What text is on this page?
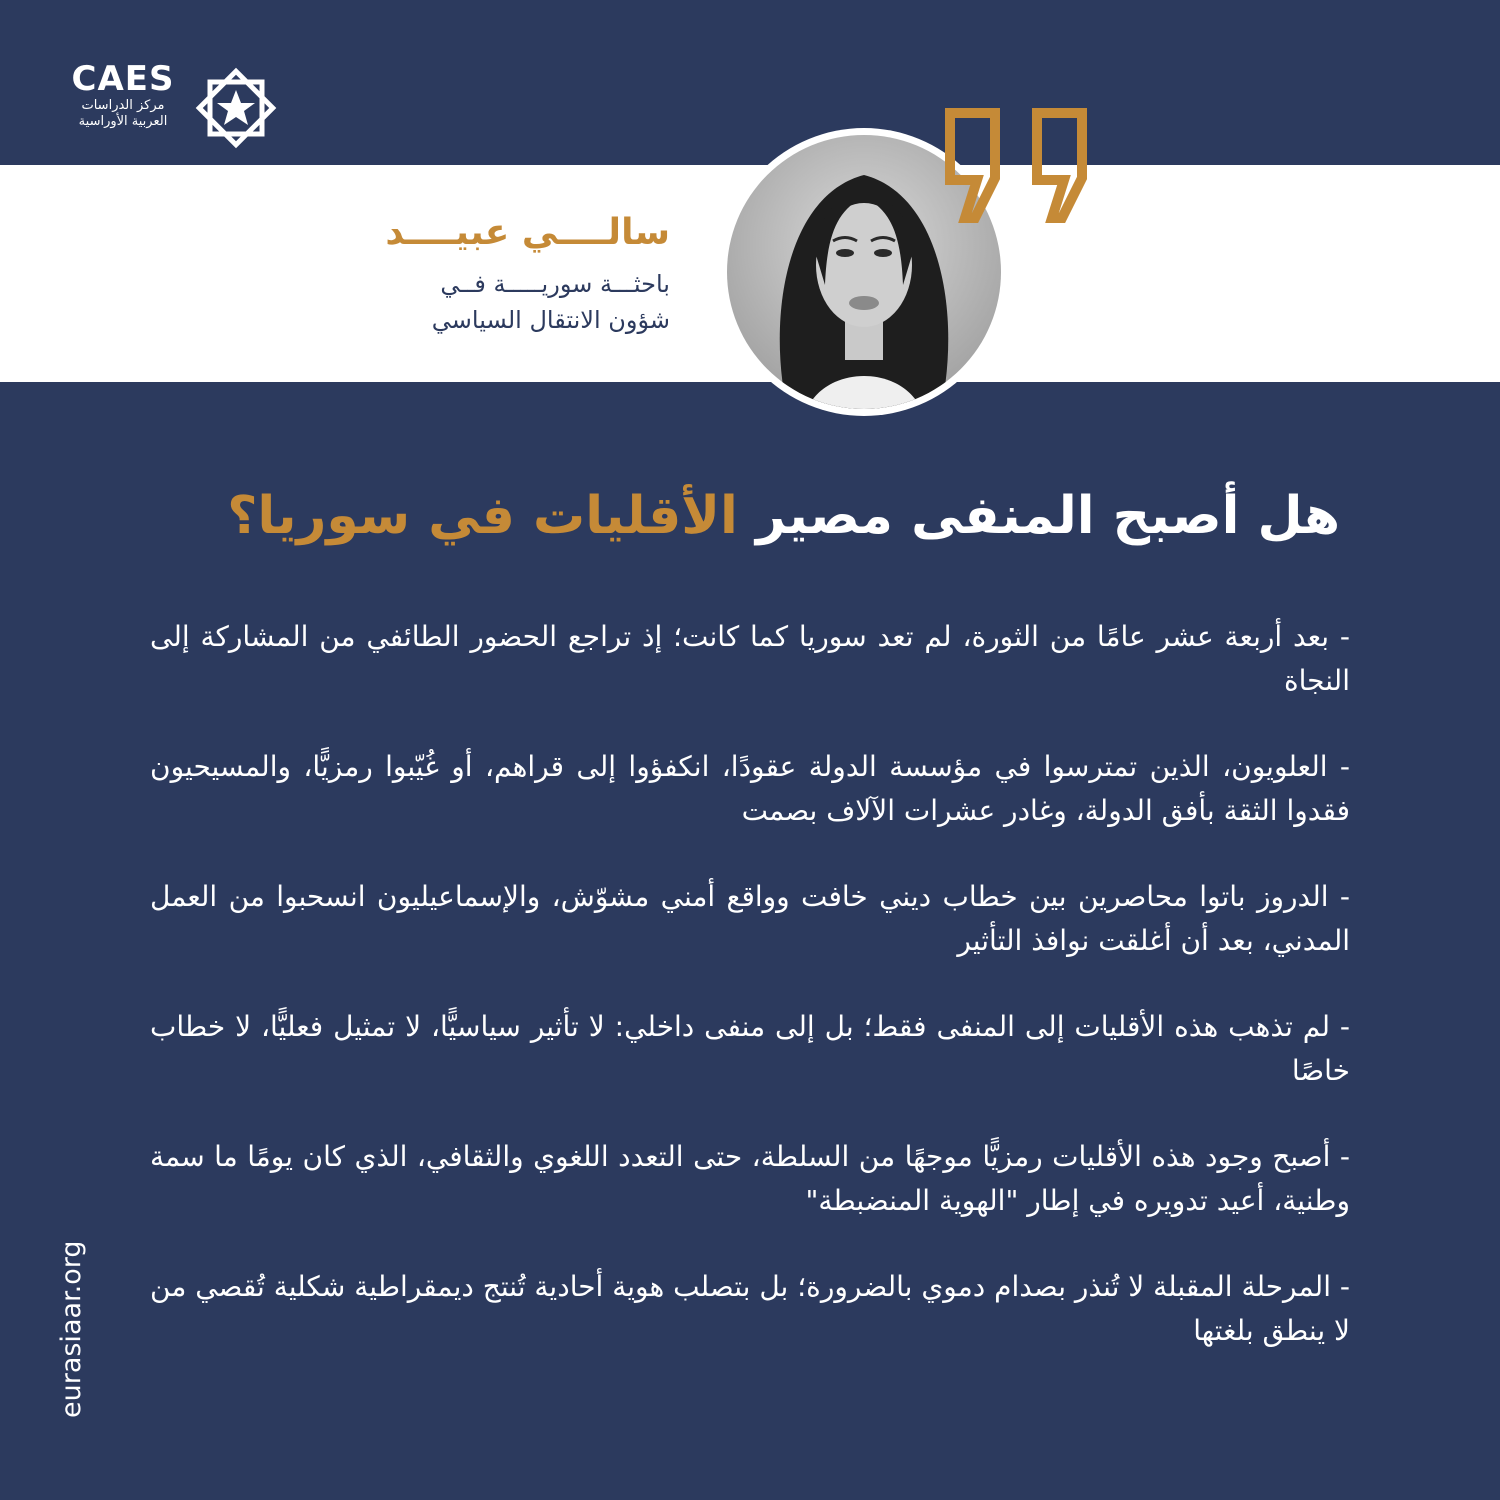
CAES
مركز الدراسات
العربية الأوراسية
سالــــي عبيــــد
باحثـــة سوريـــــة فــي
شؤون الانتقال السياسي
هل أصبح المنفى مصير الأقليات في سوريا؟

- بعد أربعة عشر عامًا من الثورة، لم تعد سوريا كما كانت؛ إذ تراجع الحضور الطائفي من المشاركة إلى النجاة

- العلويون، الذين تمترسوا في مؤسسة الدولة عقودًا، انكفؤوا إلى قراهم، أو غُيّبوا رمزيًّا، والمسيحيون فقدوا الثقة بأفق الدولة، وغادر عشرات الآلاف بصمت

- الدروز باتوا محاصرين بين خطاب ديني خافت وواقع أمني مشوّش، والإسماعيليون انسحبوا من العمل المدني، بعد أن أغلقت نوافذ التأثير

- لم تذهب هذه الأقليات إلى المنفى فقط؛ بل إلى منفى داخلي: لا تأثير سياسيًّا، لا تمثيل فعليًّا، لا خطاب خاصًا

- أصبح وجود هذه الأقليات رمزيًّا موجهًا من السلطة، حتى التعدد اللغوي والثقافي، الذي كان يومًا ما سمة وطنية، أعيد تدويره في إطار "الهوية المنضبطة"

- المرحلة المقبلة لا تُنذر بصدام دموي بالضرورة؛ بل بتصلب هوية أحادية تُنتج ديمقراطية شكلية تُقصي من لا ينطق بلغتها

eurasiaar.org
